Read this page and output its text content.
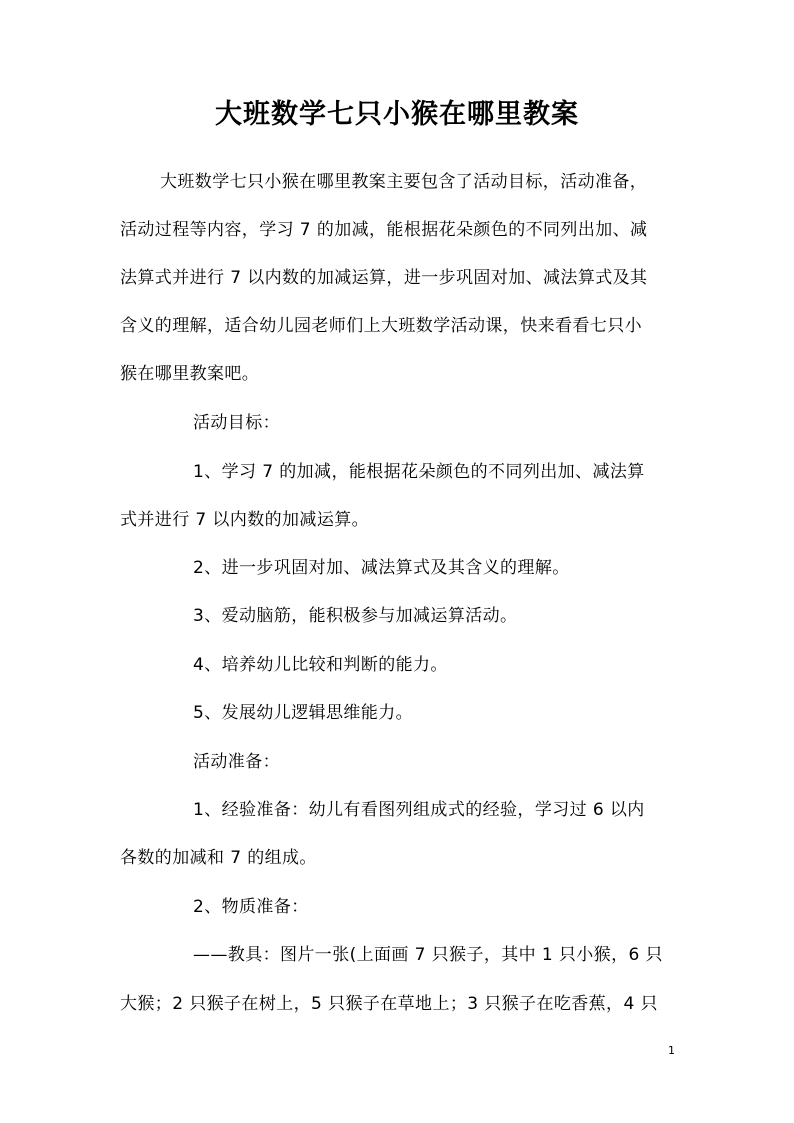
大班数学七只小猴在哪里教案
大班数学七只小猴在哪里教案主要包含了活动目标，活动准备，
活动过程等内容，学习 7 的加减，能根据花朵颜色的不同列出加、减
法算式并进行 7 以内数的加减运算，进一步巩固对加、减法算式及其
含义的理解，适合幼儿园老师们上大班数学活动课，快来看看七只小
猴在哪里教案吧。
活动目标：
1、学习 7 的加减，能根据花朵颜色的不同列出加、减法算
式并进行 7 以内数的加减运算。
2、进一步巩固对加、减法算式及其含义的理解。
3、爱动脑筋，能积极参与加减运算活动。
4、培养幼儿比较和判断的能力。
5、发展幼儿逻辑思维能力。
活动准备：
1、经验准备：幼儿有看图列组成式的经验，学习过 6 以内
各数的加减和 7 的组成。
2、物质准备：
——教具：图片一张(上面画 7 只猴子，其中 1 只小猴，6 只
大猴；2 只猴子在树上，5 只猴子在草地上；3 只猴子在吃香蕉，4 只
1
